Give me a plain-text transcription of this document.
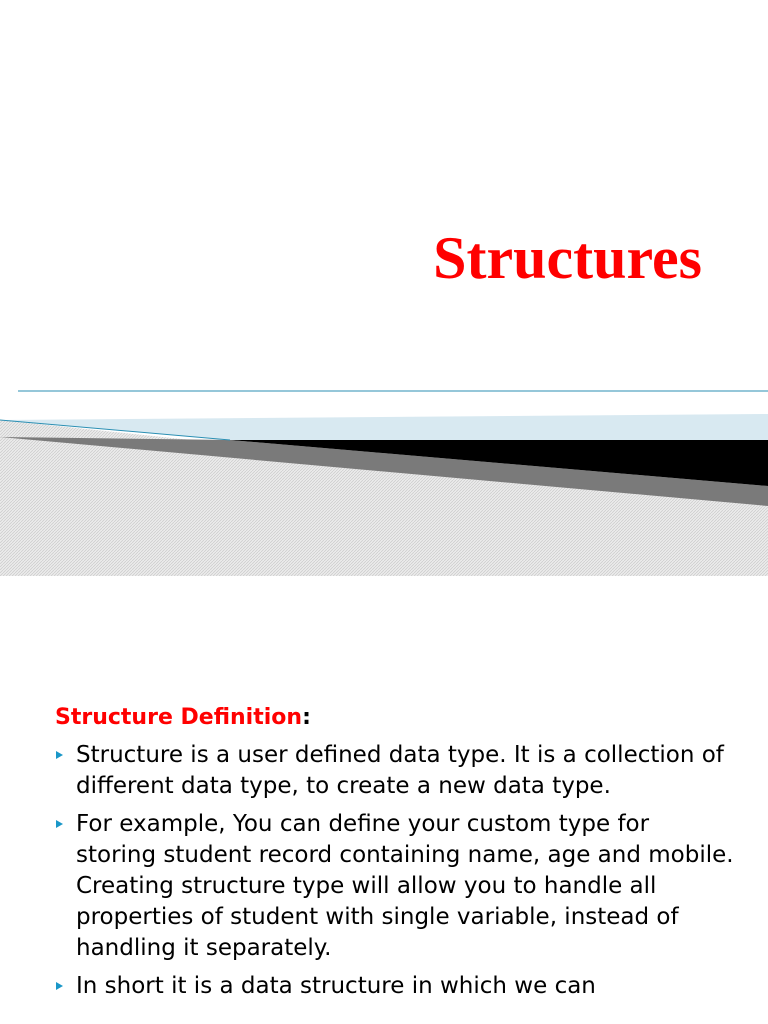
Structures
Structure Definition:
Structure is a user defined data type. It is a collection of different data type, to create a new data type.
For example, You can define your custom type for storing student record containing name, age and mobile. Creating structure type will allow you to handle all properties of student with single variable, instead of handling it separately.
In short it is a data structure in which we can
